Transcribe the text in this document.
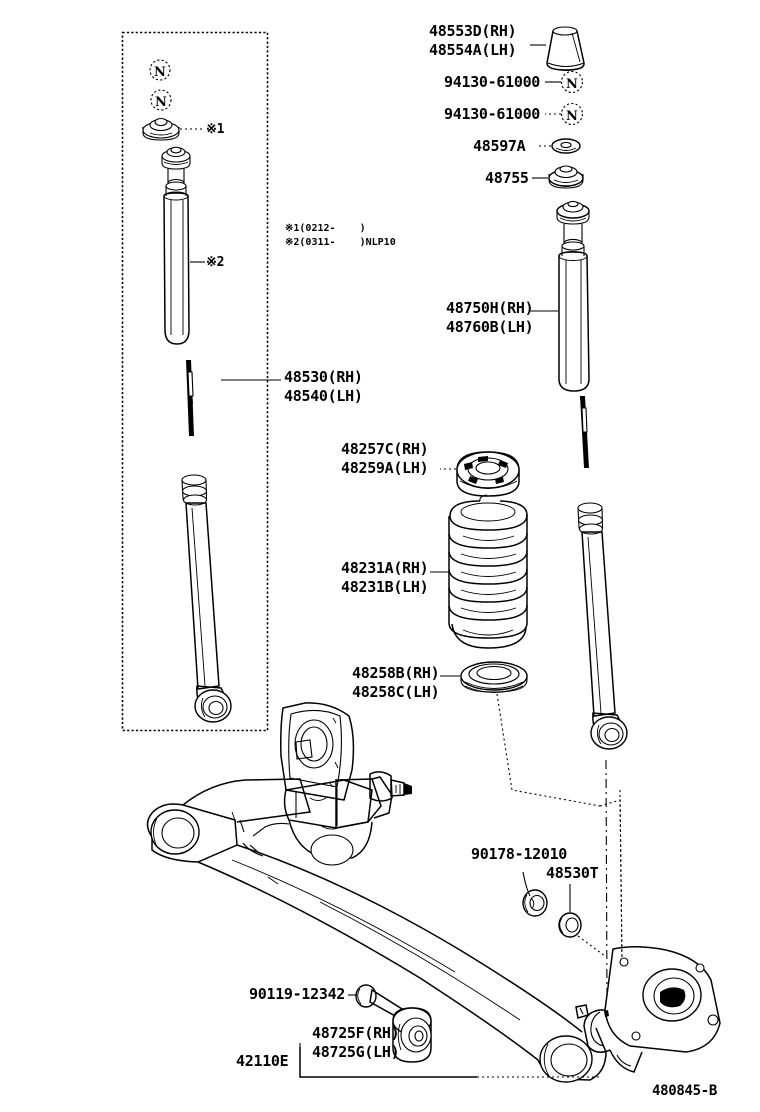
N
N
N
N
※1
※2
※1(0212-    )
※2(0311-    )NLP10
48530(RH)
48540(LH)
48553D(RH)
48554A(LH)
94130-61000
94130-61000
48597A
48755
48750H(RH)
48760B(LH)
48257C(RH)
48259A(LH)
48231A(RH)
48231B(LH)
48258B(RH)
48258C(LH)
90178-12010
48530T
90119-12342
48725F(RH)
48725G(LH)
42110E
480845-B
